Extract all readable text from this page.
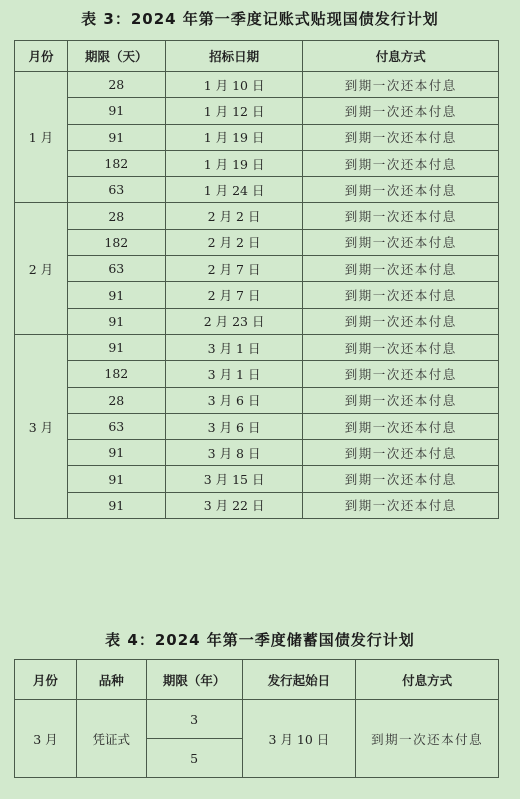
表 3：2024 年第一季度记账式贴现国债发行计划
月份	期限（天）	招标日期	付息方式
1 月	28	1 月 10 日	到期一次还本付息
	91	1 月 12 日	到期一次还本付息
	91	1 月 19 日	到期一次还本付息
	182	1 月 19 日	到期一次还本付息
	63	1 月 24 日	到期一次还本付息
2 月	28	2 月 2 日	到期一次还本付息
	182	2 月 2 日	到期一次还本付息
	63	2 月 7 日	到期一次还本付息
	91	2 月 7 日	到期一次还本付息
	91	2 月 23 日	到期一次还本付息
3 月	91	3 月 1 日	到期一次还本付息
	182	3 月 1 日	到期一次还本付息
	28	3 月 6 日	到期一次还本付息
	63	3 月 6 日	到期一次还本付息
	91	3 月 8 日	到期一次还本付息
	91	3 月 15 日	到期一次还本付息
	91	3 月 22 日	到期一次还本付息
表 4：2024 年第一季度储蓄国债发行计划
月份	品种	期限（年）	发行起始日	付息方式
3 月	凭证式	3	3 月 10 日	到期一次还本付息
		5		
